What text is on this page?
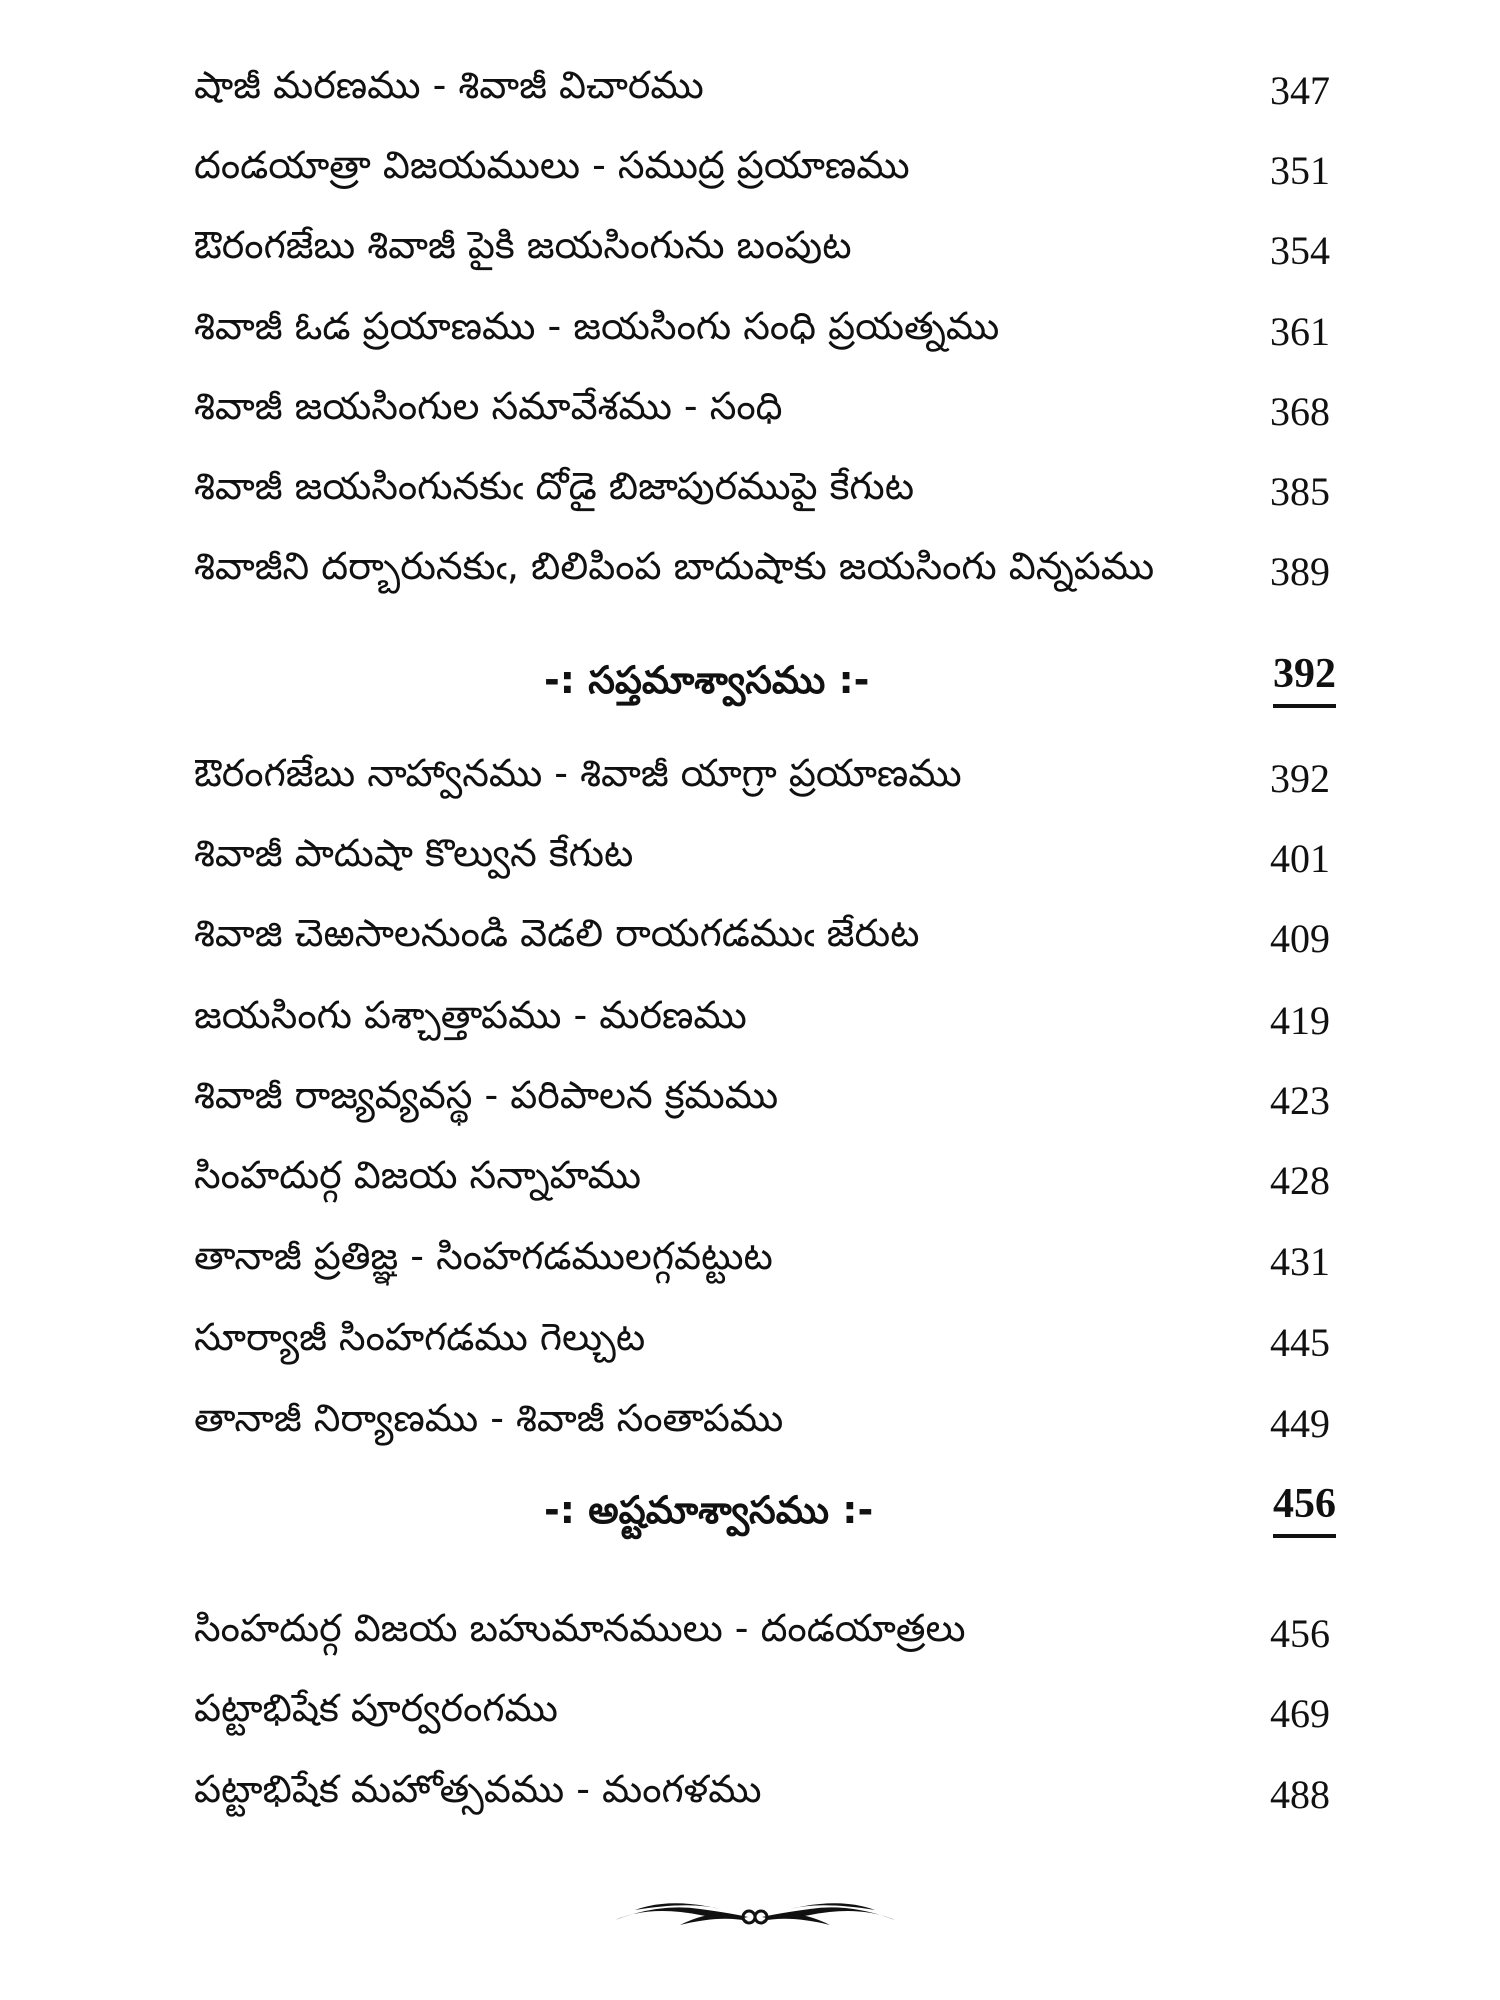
షాజీ మరణము - శివాజీ విచారము	347
దండయాత్రా విజయములు - సముద్ర ప్రయాణము	351
ఔరంగజేబు శివాజీ పైకి జయసింగును బంపుట	354
శివాజీ ఓడ ప్రయాణము - జయసింగు సంధి ప్రయత్నము	361
శివాజీ జయసింగుల సమావేశము - సంధి	368
శివాజీ జయసింగునకుఁ దోడై బిజాపురముపై కేగుట	385
శివాజీని దర్బారునకుఁ, బిలిపింప బాదుషాకు జయసింగు విన్నపము	389
-: సప్తమాశ్వాసము :-	392
ఔరంగజేబు నాహ్వానము - శివాజీ యాగ్రా ప్రయాణము	392
శివాజీ పాదుషా కొల్వున కేగుట	401
శివాజి చెఱసాలనుండి వెడలి రాయగడముఁ జేరుట	409
జయసింగు పశ్చాత్తాపము - మరణము	419
శివాజీ రాజ్యవ్యవస్థ - పరిపాలన క్రమము	423
సింహదుర్గ విజయ సన్నాహము	428
తానాజీ ప్రతిజ్ఞ - సింహగడములగ్గవట్టుట	431
సూర్యాజీ సింహగడము గెల్చుట	445
తానాజీ నిర్యాణము - శివాజీ సంతాపము	449
-: అష్టమాశ్వాసము :-	456
సింహదుర్గ విజయ బహుమానములు - దండయాత్రలు	456
పట్టాభిషేక పూర్వరంగము	469
పట్టాభిషేక మహోత్సవము - మంగళము	488
